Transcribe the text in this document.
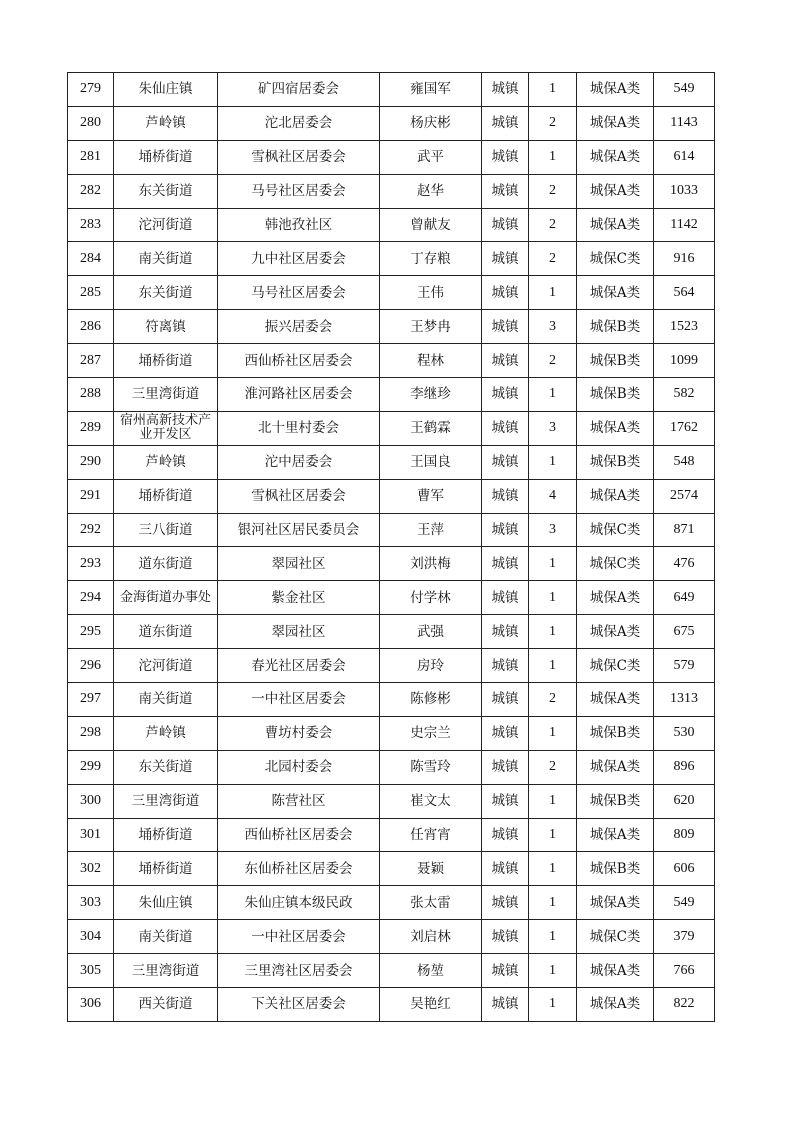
279	朱仙庄镇	矿四宿居委会	雍国军	城镇	1	城保A类	549
280	芦岭镇	沱北居委会	杨庆彬	城镇	2	城保A类	1143
281	埇桥街道	雪枫社区居委会	武平	城镇	1	城保A类	614
282	东关街道	马号社区居委会	赵华	城镇	2	城保A类	1033
283	沱河街道	韩池孜社区	曾献友	城镇	2	城保A类	1142
284	南关街道	九中社区居委会	丁存粮	城镇	2	城保C类	916
285	东关街道	马号社区居委会	王伟	城镇	1	城保A类	564
286	符离镇	振兴居委会	王梦冉	城镇	3	城保B类	1523
287	埇桥街道	西仙桥社区居委会	程林	城镇	2	城保B类	1099
288	三里湾街道	淮河路社区居委会	李继珍	城镇	1	城保B类	582
289	宿州高新技术产业开发区	北十里村委会	王鹤霖	城镇	3	城保A类	1762
290	芦岭镇	沱中居委会	王国良	城镇	1	城保B类	548
291	埇桥街道	雪枫社区居委会	曹军	城镇	4	城保A类	2574
292	三八街道	银河社区居民委员会	王萍	城镇	3	城保C类	871
293	道东街道	翠园社区	刘洪梅	城镇	1	城保C类	476
294	金海街道办事处	紫金社区	付学林	城镇	1	城保A类	649
295	道东街道	翠园社区	武强	城镇	1	城保A类	675
296	沱河街道	春光社区居委会	房玲	城镇	1	城保C类	579
297	南关街道	一中社区居委会	陈修彬	城镇	2	城保A类	1313
298	芦岭镇	曹坊村委会	史宗兰	城镇	1	城保B类	530
299	东关街道	北园村委会	陈雪玲	城镇	2	城保A类	896
300	三里湾街道	陈营社区	崔文太	城镇	1	城保B类	620
301	埇桥街道	西仙桥社区居委会	任宵宵	城镇	1	城保A类	809
302	埇桥街道	东仙桥社区居委会	聂颖	城镇	1	城保B类	606
303	朱仙庄镇	朱仙庄镇本级民政	张太雷	城镇	1	城保A类	549
304	南关街道	一中社区居委会	刘启林	城镇	1	城保C类	379
305	三里湾街道	三里湾社区居委会	杨堃	城镇	1	城保A类	766
306	西关街道	下关社区居委会	吴艳红	城镇	1	城保A类	822
